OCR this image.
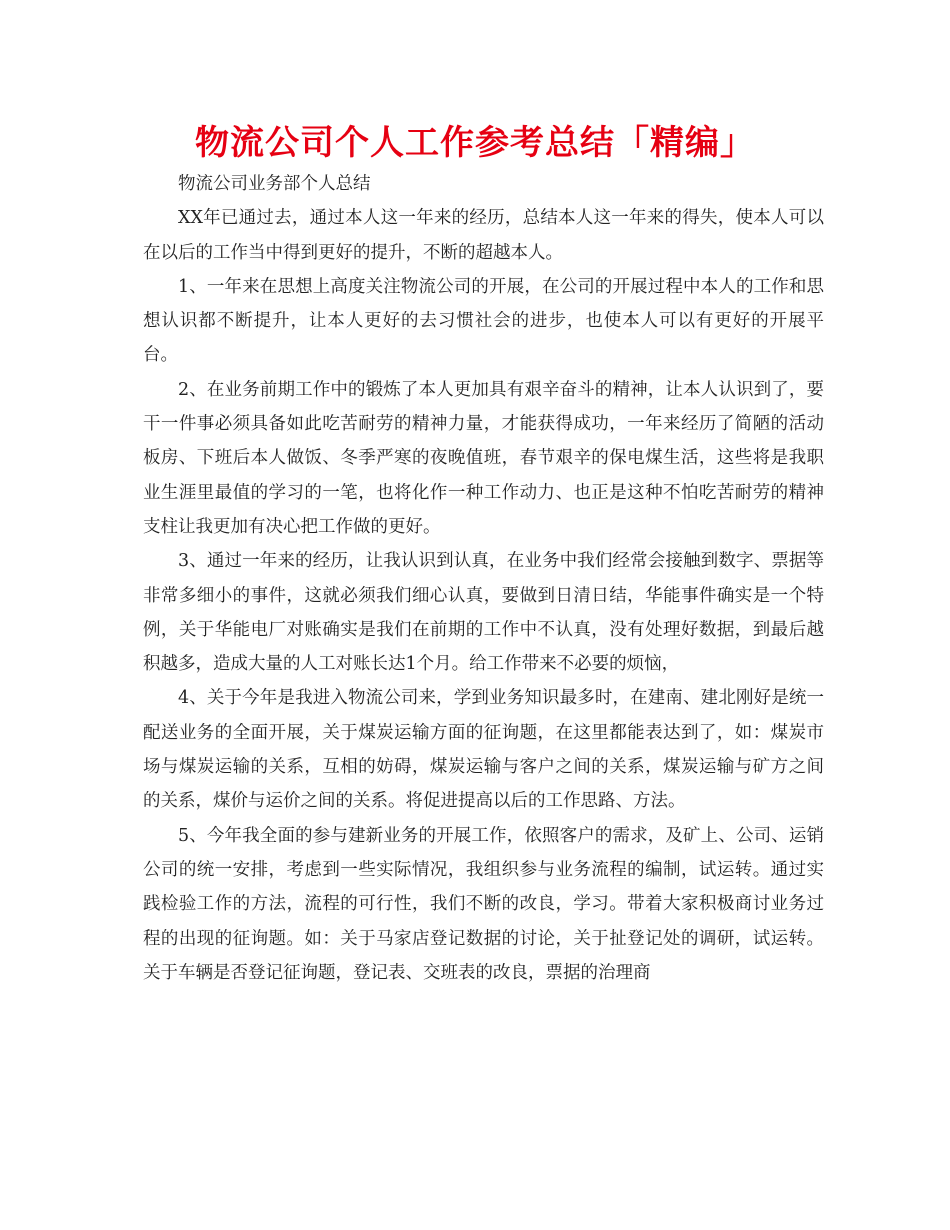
物流公司个人工作参考总结「精编」

物流公司业务部个人总结

XX年已通过去，通过本人这一年来的经历，总结本人这一年来的得失，使本人可以在以后的工作当中得到更好的提升，不断的超越本人。

1、一年来在思想上高度关注物流公司的开展，在公司的开展过程中本人的工作和思想认识都不断提升，让本人更好的去习惯社会的进步，也使本人可以有更好的开展平台。

2、在业务前期工作中的锻炼了本人更加具有艰辛奋斗的精神，让本人认识到了，要干一件事必须具备如此吃苦耐劳的精神力量，才能获得成功，一年来经历了简陋的活动板房、下班后本人做饭、冬季严寒的夜晚值班，春节艰辛的保电煤生活，这些将是我职业生涯里最值的学习的一笔，也将化作一种工作动力、也正是这种不怕吃苦耐劳的精神支柱让我更加有决心把工作做的更好。

3、通过一年来的经历，让我认识到认真，在业务中我们经常会接触到数字、票据等非常多细小的事件，这就必须我们细心认真，要做到日清日结，华能事件确实是一个特例，关于华能电厂对账确实是我们在前期的工作中不认真，没有处理好数据，到最后越积越多，造成大量的人工对账长达1个月。给工作带来不必要的烦恼，

4、关于今年是我进入物流公司来，学到业务知识最多时，在建南、建北刚好是统一配送业务的全面开展，关于煤炭运输方面的征询题，在这里都能表达到了，如：煤炭市场与煤炭运输的关系，互相的妨碍，煤炭运输与客户之间的关系，煤炭运输与矿方之间的关系，煤价与运价之间的关系。将促进提高以后的工作思路、方法。

5、今年我全面的参与建新业务的开展工作，依照客户的需求，及矿上、公司、运销公司的统一安排，考虑到一些实际情况，我组织参与业务流程的编制，试运转。通过实践检验工作的方法，流程的可行性，我们不断的改良，学习。带着大家积极商讨业务过程的出现的征询题。如：关于马家店登记数据的讨论，关于扯登记处的调研，试运转。关于车辆是否登记征询题，登记表、交班表的改良，票据的治理商
